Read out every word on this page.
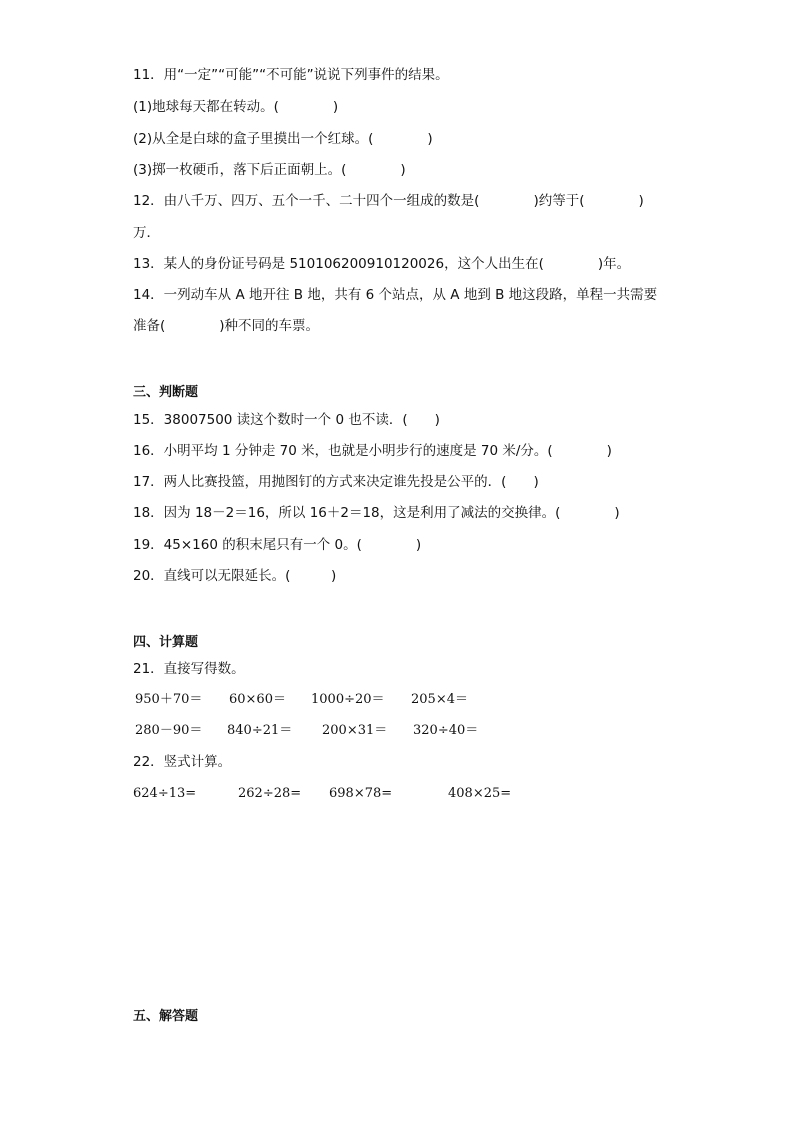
11．用“一定”“可能”“不可能”说说下列事件的结果。
(1)地球每天都在转动。(　　　　)
(2)从全是白球的盒子里摸出一个红球。(　　　　)
(3)掷一枚硬币，落下后正面朝上。(　　　　)
12．由八千万、四万、五个一千、二十四个一组成的数是(　　　　)约等于(　　　　)
万．
13．某人的身份证号码是 510106200910120026，这个人出生在(　　　　)年。
14．一列动车从 A 地开往 B 地，共有 6 个站点，从 A 地到 B 地这段路，单程一共需要
准备(　　　　)种不同的车票。
三、判断题
15．38007500 读这个数时一个 0 也不读．(　　)
16．小明平均 1 分钟走 70 米，也就是小明步行的速度是 70 米/分。(　　　　)
17．两人比赛投篮，用抛图钉的方式来决定谁先投是公平的．(　　)
18．因为 18－2＝16，所以 16＋2＝18，这是利用了减法的交换律。(　　　　)
19．45×160 的积末尾只有一个 0。(　　　　)
20．直线可以无限延长。(　　　)
四、计算题
21．直接写得数。
950＋70＝ 60×60＝ 1000÷20＝ 205×4＝
280－90＝ 840÷21＝ 200×31＝ 320÷40＝
22．竖式计算。
624÷13=	262÷28= 698×78=	408×25=
五、解答题
